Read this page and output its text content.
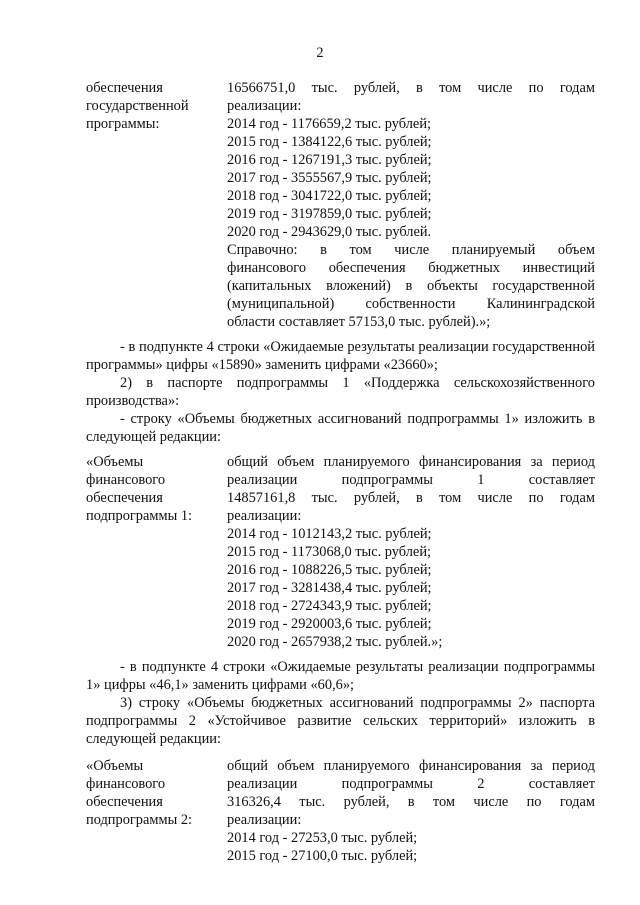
2
обеспечения
государственной
программы:
16566751,0 тыс. рублей, в том числе по годам
реализации:
2014 год - 1176659,2 тыс. рублей;
2015 год - 1384122,6 тыс. рублей;
2016 год - 1267191,3 тыс. рублей;
2017 год - 3555567,9 тыс. рублей;
2018 год - 3041722,0 тыс. рублей;
2019 год - 3197859,0 тыс. рублей;
2020 год - 2943629,0 тыс. рублей.
Справочно: в том числе планируемый объем
финансового обеспечения бюджетных инвестиций
(капитальных вложений) в объекты государственной
(муниципальной) собственности Калининградской
области составляет 57153,0 тыс. рублей).»;
- в подпункте 4 строки «Ожидаемые результаты реализации государственной программы» цифры «15890» заменить цифрами «23660»;
2) в паспорте подпрограммы 1 «Поддержка сельскохозяйственного производства»:
- строку «Объемы бюджетных ассигнований подпрограммы 1» изложить в следующей редакции:
«Объемы
финансового
обеспечения
подпрограммы 1:
общий объем планируемого финансирования за период
реализации подпрограммы 1 составляет
14857161,8 тыс. рублей, в том числе по годам
реализации:
2014 год - 1012143,2 тыс. рублей;
2015 год - 1173068,0 тыс. рублей;
2016 год - 1088226,5 тыс. рублей;
2017 год - 3281438,4 тыс. рублей;
2018 год - 2724343,9 тыс. рублей;
2019 год - 2920003,6 тыс. рублей;
2020 год - 2657938,2 тыс. рублей.»;
- в подпункте 4 строки «Ожидаемые результаты реализации подпрограммы 1» цифры «46,1» заменить цифрами «60,6»;
3) строку «Объемы бюджетных ассигнований подпрограммы 2» паспорта подпрограммы 2 «Устойчивое развитие сельских территорий» изложить в следующей редакции:
«Объемы
финансового
обеспечения
подпрограммы 2:
общий объем планируемого финансирования за период
реализации подпрограммы 2 составляет
316326,4 тыс. рублей, в том числе по годам
реализации:
2014 год - 27253,0 тыс. рублей;
2015 год - 27100,0 тыс. рублей;
